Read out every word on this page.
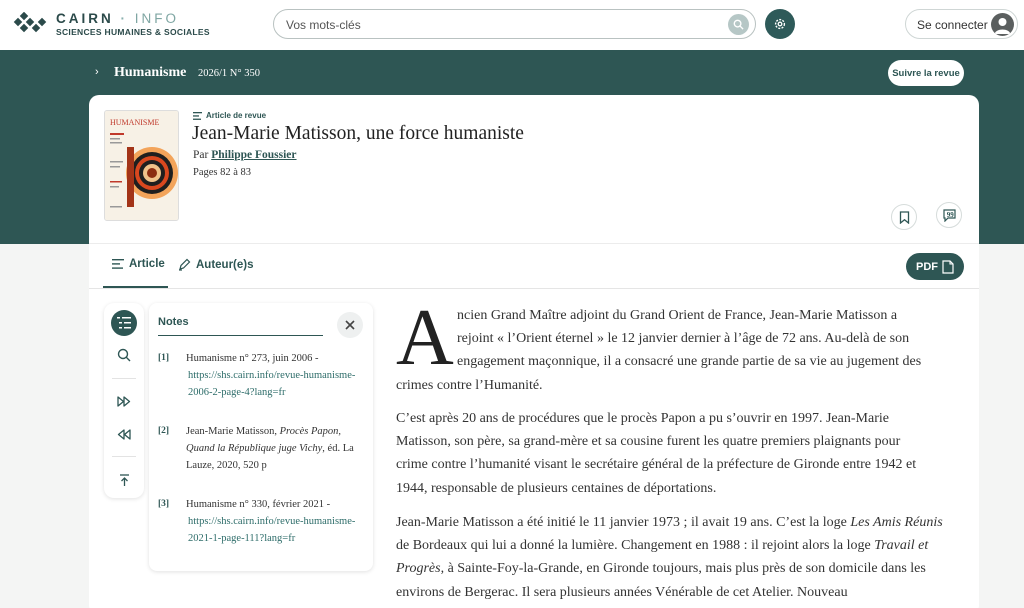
CAIRN · INFO
SCIENCES HUMAINES & SOCIALES
Vos mots-clés	Se connecter
› Humanisme 2026/1 N° 350	Suivre la revue
HUMANISME
Article de revue
Jean-Marie Matisson, une force humaniste
Par Philippe Foussier
Pages 82 à 83
99
Article	Auteur(e)s	PDF
Notes
[1] Humanisme n° 273, juin 2006 -
https://shs.cairn.info/revue-humanisme-2006-2-page-4?lang=fr
[2] Jean-Marie Matisson, Procès Papon, Quand la République juge Vichy, éd. La Lauze, 2020, 520 p
[3] Humanisme n° 330, février 2021 -
https://shs.cairn.info/revue-humanisme-2021-1-page-111?lang=fr
A ncien Grand Maître adjoint du Grand Orient de France, Jean-Marie Matisson a
rejoint « l’Orient éternel » le 12 janvier dernier à l’âge de 72 ans. Au-delà de son
engagement maçonnique, il a consacré une grande partie de sa vie au jugement des
crimes contre l’Humanité.
C’est après 20 ans de procédures que le procès Papon a pu s’ouvrir en 1997. Jean-Marie
Matisson, son père, sa grand-mère et sa cousine furent les quatre premiers plaignants pour
crime contre l’humanité visant le secrétaire général de la préfecture de Gironde entre 1942 et
1944, responsable de plusieurs centaines de déportations.
Jean-Marie Matisson a été initié le 11 janvier 1973 ; il avait 19 ans. C’est la loge Les Amis Réunis
de Bordeaux qui lui a donné la lumière. Changement en 1988 : il rejoint alors la loge Travail et
Progrès, à Sainte-Foy-la-Grande, en Gironde toujours, mais plus près de son domicile dans les
environs de Bergerac. Il sera plusieurs années Vénérable de cet Atelier. Nouveau
